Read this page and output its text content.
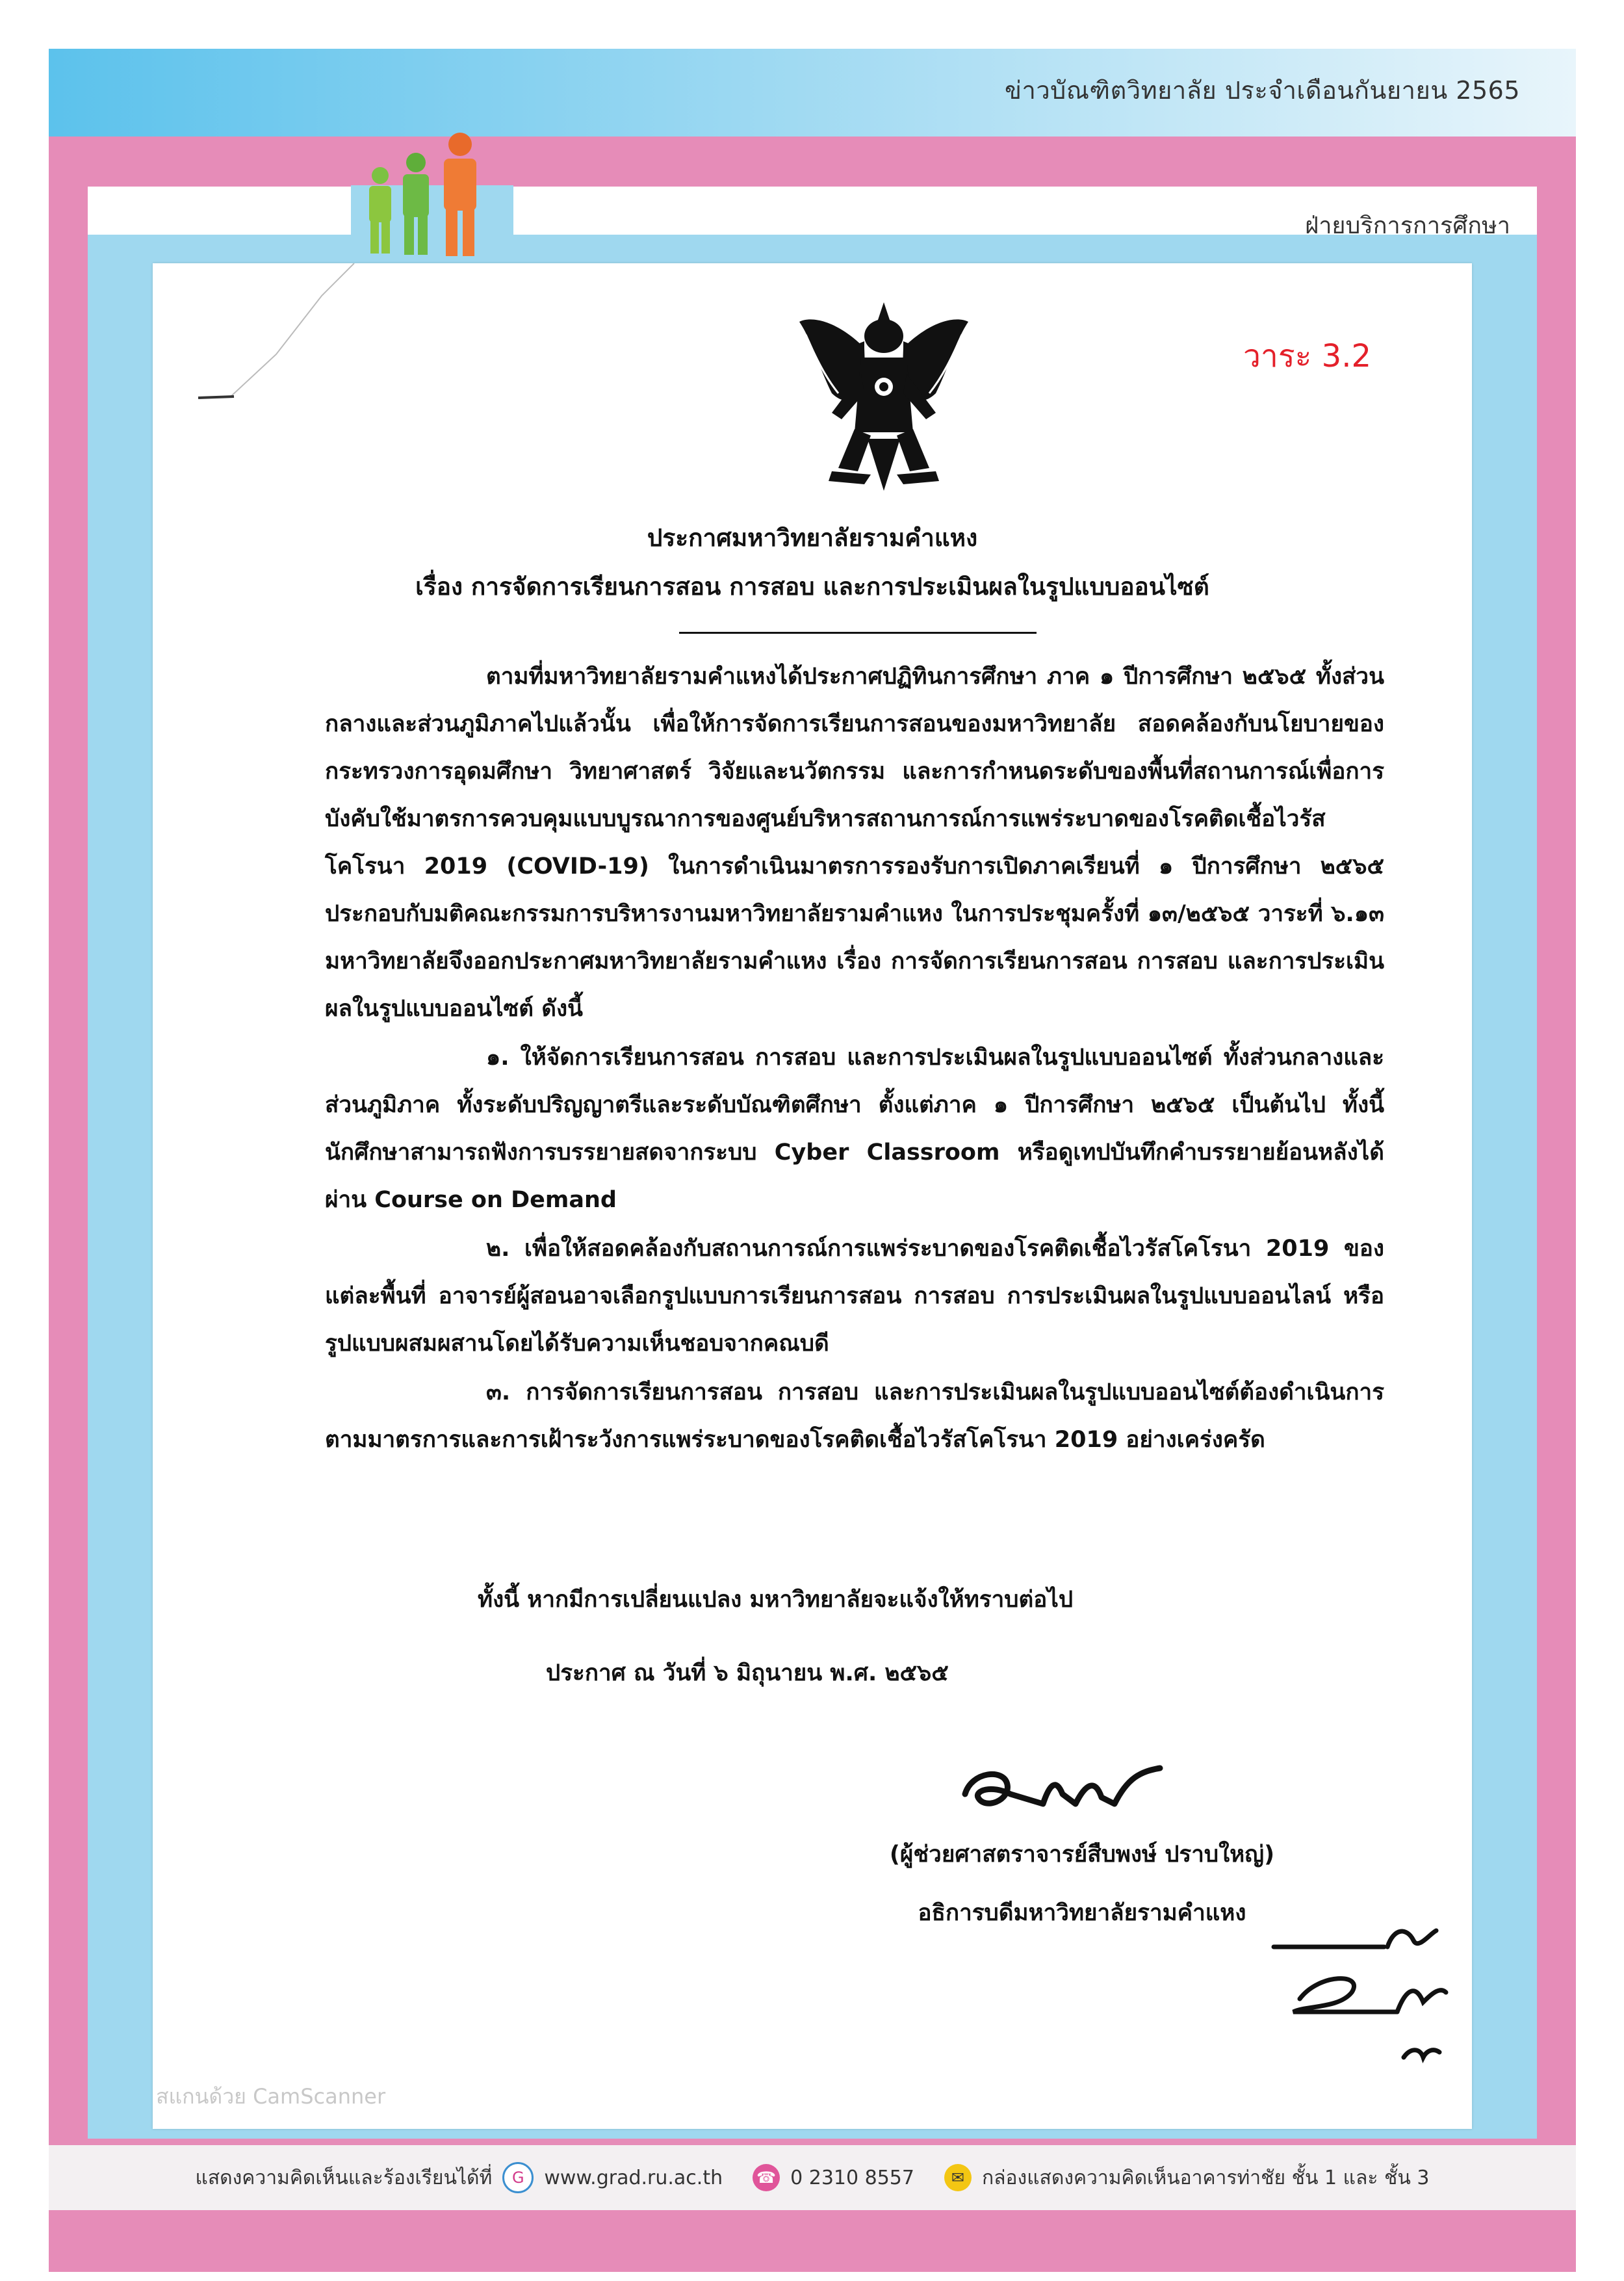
ข่าวบัณฑิตวิทยาลัย ประจำเดือนกันยายน 2565
ฝ่ายบริการการศึกษา
วาระ 3.2
ประกาศมหาวิทยาลัยรามคำแหง
เรื่อง การจัดการเรียนการสอน การสอบ และการประเมินผลในรูปแบบออนไซต์

ตามที่มหาวิทยาลัยรามคำแหงได้ประกาศปฏิทินการศึกษา ภาค ๑ ปีการศึกษา ๒๕๖๕ ทั้งส่วนกลางและส่วนภูมิภาคไปแล้วนั้น เพื่อให้การจัดการเรียนการสอนของมหาวิทยาลัย สอดคล้องกับนโยบายของกระทรวงการอุดมศึกษา วิทยาศาสตร์ วิจัยและนวัตกรรม และการกำหนดระดับของพื้นที่สถานการณ์เพื่อการบังคับใช้มาตรการควบคุมแบบบูรณาการของศูนย์บริหารสถานการณ์การแพร่ระบาดของโรคติดเชื้อไวรัสโคโรนา 2019 (COVID-19) ในการดำเนินมาตรการรองรับการเปิดภาคเรียนที่ ๑ ปีการศึกษา ๒๕๖๕ ประกอบกับมติคณะกรรมการบริหารงานมหาวิทยาลัยรามคำแหง ในการประชุมครั้งที่ ๑๓/๒๕๖๕ วาระที่ ๖.๑๓ มหาวิทยาลัยจึงออกประกาศมหาวิทยาลัยรามคำแหง เรื่อง การจัดการเรียนการสอน การสอบ และการประเมินผลในรูปแบบออนไซต์ ดังนี้

๑. ให้จัดการเรียนการสอน การสอบ และการประเมินผลในรูปแบบออนไซต์ ทั้งส่วนกลางและส่วนภูมิภาค ทั้งระดับปริญญาตรีและระดับบัณฑิตศึกษา ตั้งแต่ภาค ๑ ปีการศึกษา ๒๕๖๕ เป็นต้นไป ทั้งนี้ นักศึกษาสามารถฟังการบรรยายสดจากระบบ Cyber Classroom หรือดูเทปบันทึกคำบรรยายย้อนหลังได้ ผ่าน Course on Demand

๒. เพื่อให้สอดคล้องกับสถานการณ์การแพร่ระบาดของโรคติดเชื้อไวรัสโคโรนา 2019 ของแต่ละพื้นที่ อาจารย์ผู้สอนอาจเลือกรูปแบบการเรียนการสอน การสอบ การประเมินผลในรูปแบบออนไลน์ หรือรูปแบบผสมผสานโดยได้รับความเห็นชอบจากคณบดี

๓. การจัดการเรียนการสอน การสอบ และการประเมินผลในรูปแบบออนไซต์ต้องดำเนินการตามมาตรการและการเฝ้าระวังการแพร่ระบาดของโรคติดเชื้อไวรัสโคโรนา 2019 อย่างเคร่งครัด

ทั้งนี้ หากมีการเปลี่ยนแปลง มหาวิทยาลัยจะแจ้งให้ทราบต่อไป

ประกาศ ณ วันที่ ๖ มิถุนายน พ.ศ. ๒๕๖๕

(ผู้ช่วยศาสตราจารย์สืบพงษ์ ปราบใหญ่)
อธิการบดีมหาวิทยาลัยรามคำแหง
สแกนด้วย CamScanner
แสดงความคิดเห็นและร้องเรียนได้ที่	G	www.grad.ru.ac.th ☎ 0 2310 8557	✉ กล่องแสดงความคิดเห็นอาคารท่าชัย ชั้น 1 และ ชั้น 3
